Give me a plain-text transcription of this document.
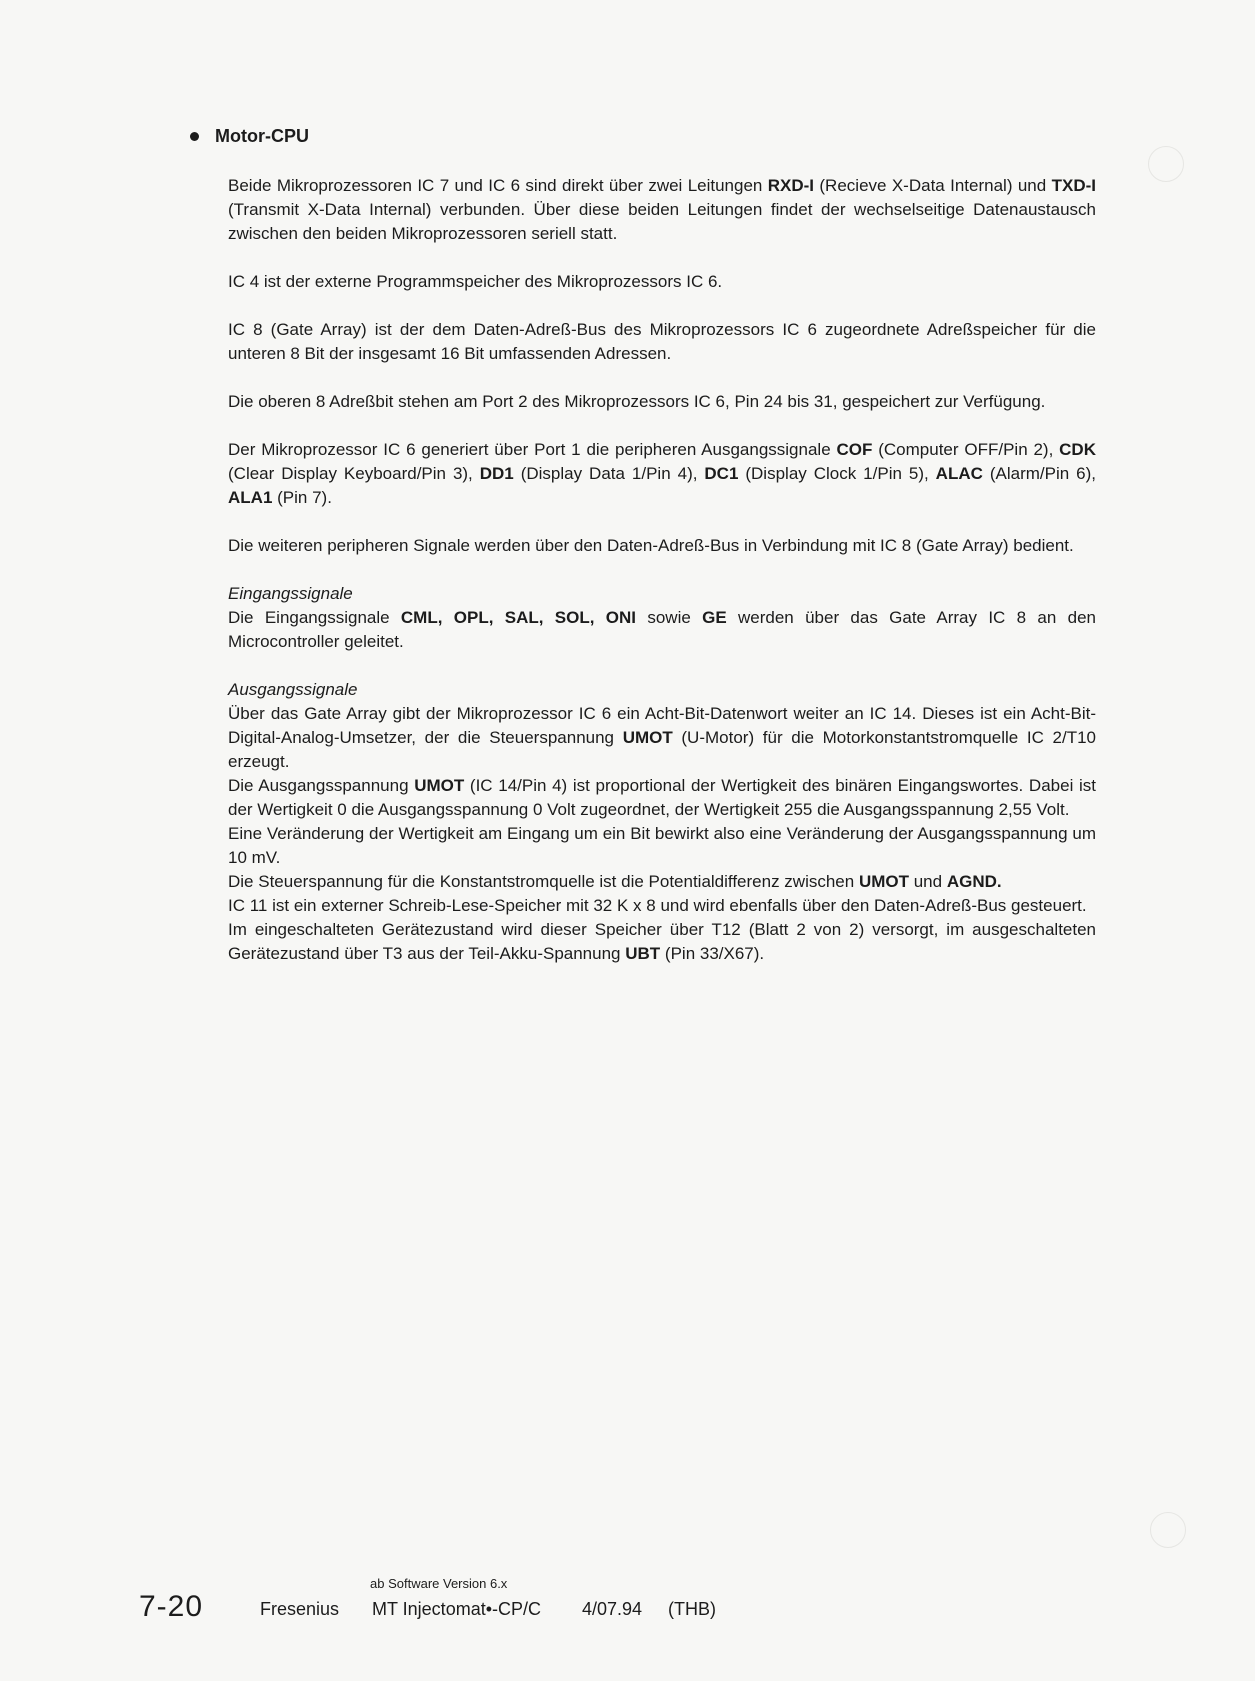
Motor-CPU

Beide Mikroprozessoren IC 7 und IC 6 sind direkt über zwei Leitungen RXD-I (Recieve X-Data Internal) und TXD-I (Transmit X-Data Internal) verbunden. Über diese beiden Leitungen findet der wechselseitige Datenaustausch zwischen den beiden Mikroprozessoren seriell statt.

IC 4 ist der externe Programmspeicher des Mikroprozessors IC 6.

IC 8 (Gate Array) ist der dem Daten-Adreß-Bus des Mikroprozessors IC 6 zugeordnete Adreßspeicher für die unteren 8 Bit der insgesamt 16 Bit umfassenden Adressen.

Die oberen 8 Adreßbit stehen am Port 2 des Mikroprozessors IC 6, Pin 24 bis 31, gespeichert zur Verfügung.

Der Mikroprozessor IC 6 generiert über Port 1 die peripheren Ausgangssignale COF (Computer OFF/Pin 2), CDK (Clear Display Keyboard/Pin 3), DD1 (Display Data 1/Pin 4), DC1 (Display Clock 1/Pin 5), ALAC (Alarm/Pin 6), ALA1 (Pin 7).

Die weiteren peripheren Signale werden über den Daten-Adreß-Bus in Verbindung mit IC 8 (Gate Array) bedient.

Eingangssignale

Die Eingangssignale CML, OPL, SAL, SOL, ONI sowie GE werden über das Gate Array IC 8 an den Microcontroller geleitet.

Ausgangssignale

Über das Gate Array gibt der Mikroprozessor IC 6 ein Acht-Bit-Datenwort weiter an IC 14. Dieses ist ein Acht-Bit-Digital-Analog-Umsetzer, der die Steuerspannung UMOT (U-Motor) für die Motorkonstantstromquelle IC 2/T10 erzeugt.

Die Ausgangsspannung UMOT (IC 14/Pin 4) ist proportional der Wertigkeit des binären Eingangswortes. Dabei ist der Wertigkeit 0 die Ausgangsspannung 0 Volt zugeordnet, der Wertigkeit 255 die Ausgangsspannung 2,55 Volt.

Eine Veränderung der Wertigkeit am Eingang um ein Bit bewirkt also eine Veränderung der Ausgangsspannung um 10 mV.

Die Steuerspannung für die Konstantstromquelle ist die Potentialdifferenz zwischen UMOT und AGND.

IC 11 ist ein externer Schreib-Lese-Speicher mit 32 K x 8 und wird ebenfalls über den Daten-Adreß-Bus gesteuert.

Im eingeschalteten Gerätezustand wird dieser Speicher über T12 (Blatt 2 von 2) versorgt, im ausgeschalteten Gerätezustand über T3 aus der Teil-Akku-Spannung UBT (Pin 33/X67).

ab Software Version 6.x
7-20	Fresenius MT Injectomat•-CP/C 4/07.94 (THB)
